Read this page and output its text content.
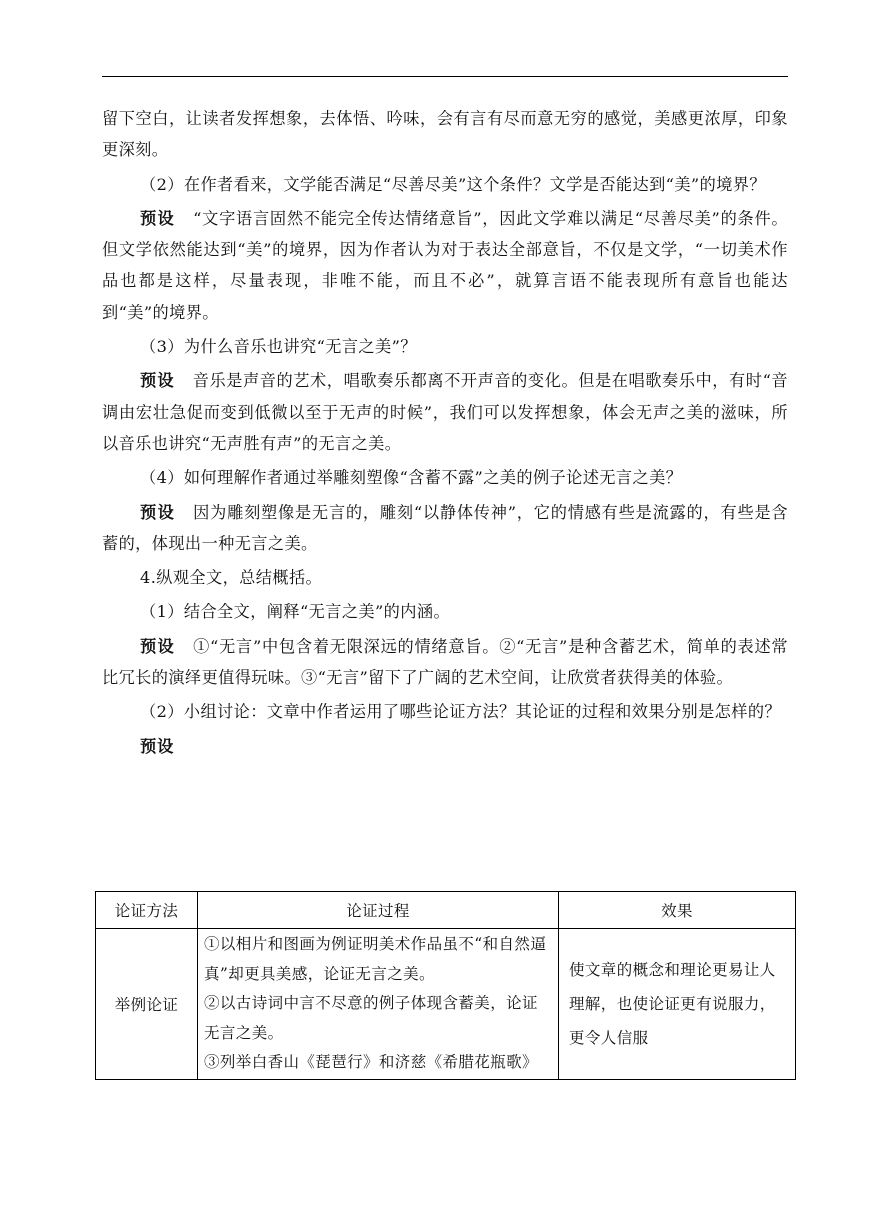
留下空白，让读者发挥想象，去体悟、吟味，会有言有尽而意无穷的感觉，美感更浓厚，印象更深刻。

（2）在作者看来，文学能否满足“尽善尽美”这个条件？文学是否能达到“美”的境界？

预设 “文字语言固然不能完全传达情绪意旨”，因此文学难以满足“尽善尽美”的条件。但文学依然能达到“美”的境界，因为作者认为对于表达全部意旨，不仅是文学，“一切美术作品也都是这样，尽量表现，非唯不能，而且不必”，就算言语不能表现所有意旨也能达到“美”的境界。

（3）为什么音乐也讲究“无言之美”？

预设 音乐是声音的艺术，唱歌奏乐都离不开声音的变化。但是在唱歌奏乐中，有时“音调由宏壮急促而变到低微以至于无声的时候”，我们可以发挥想象，体会无声之美的滋味，所以音乐也讲究“无声胜有声”的无言之美。

（4）如何理解作者通过举雕刻塑像“含蓄不露”之美的例子论述无言之美？

预设 因为雕刻塑像是无言的，雕刻“以静体传神”，它的情感有些是流露的，有些是含蓄的，体现出一种无言之美。

4.纵观全文，总结概括。

（1）结合全文，阐释“无言之美”的内涵。

预设 ①“无言”中包含着无限深远的情绪意旨。②“无言”是种含蓄艺术，简单的表述常比冗长的演绎更值得玩味。③“无言”留下了广阔的艺术空间，让欣赏者获得美的体验。

（2）小组讨论：文章中作者运用了哪些论证方法？其论证的过程和效果分别是怎样的？

预设

论证方法	论证过程	效果
举例论证	①以相片和图画为例证明美术作品虽不“和自然逼真”却更具美感，论证无言之美。
②以古诗词中言不尽意的例子体现含蓄美，论证无言之美。
③列举白香山《琵琶行》和济慈《希腊花瓶歌》	使文章的概念和理论更易让人理解，也使论证更有说服力，更令人信服
